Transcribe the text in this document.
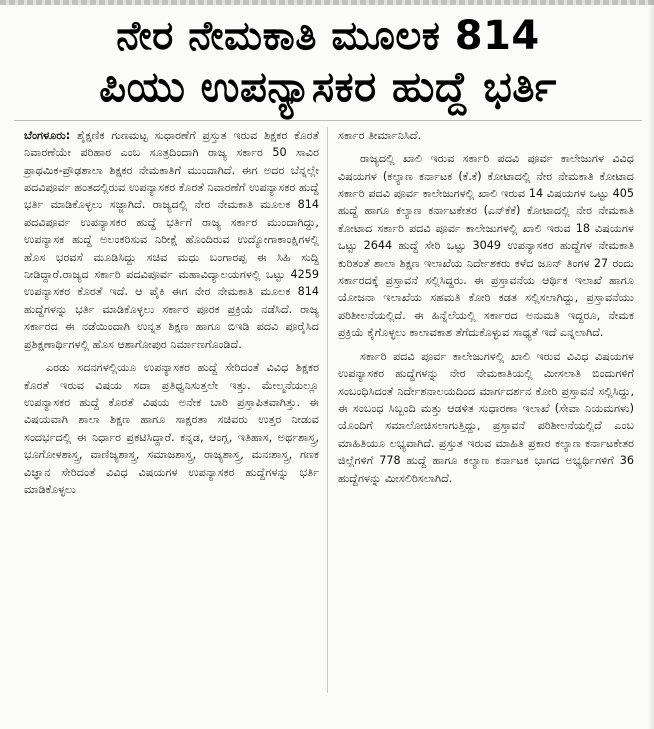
ನೇರ ನೇಮಕಾತಿ ಮೂಲಕ 814
ಪಿಯು ಉಪನ್ಯಾಸಕರ ಹುದ್ದೆ ಭರ್ತಿ

ಬೆಂಗಳೂರು: ಶೈಕ್ಷಣಿಕ ಗುಣಮಟ್ಟ ಸುಧಾರಣೆಗೆ ಪ್ರಸ್ತುತ ಇರುವ ಶಿಕ್ಷಕರ ಕೊರತೆ ನಿವಾರಣೆಯೇ ಪರಿಹಾರ ಎಂಬ ಸೂತ್ರದಿಂದಾಗಿ ರಾಜ್ಯ ಸರ್ಕಾರ 50 ಸಾವಿರ ಪ್ರಾಥಮಿಕ-ಪ್ರೌಢಶಾಲಾ ಶಿಕ್ಷಕರ ನೇಮಕಾತಿಗೆ ಮುಂದಾಗಿದೆ. ಈಗ ಅದರ ಬೆನ್ನಲ್ಲೇ ಪದವಿಪೂರ್ವ ಹಂತದಲ್ಲಿರುವ ಉಪನ್ಯಾಸಕರ ಕೊರತೆ ನಿವಾರಣೆಗೆ ಉಪನ್ಯಾಸಕರ ಹುದ್ದೆ ಭರ್ತಿ ಮಾಡಿಕೊಳ್ಳಲು ಸಜ್ಜಾಗಿದೆ. ರಾಜ್ಯದಲ್ಲಿ ನೇರ ನೇಮಕಾತಿ ಮೂಲಕ 814 ಪದವಿಪೂರ್ವ ಉಪನ್ಯಾಸಕರ ಹುದ್ದೆ ಭರ್ತಿಗೆ ರಾಜ್ಯ ಸರ್ಕಾರ ಮುಂದಾಗಿದ್ದು, ಉಪನ್ಯಾಸಕ ಹುದ್ದೆ ಅಲಂಕರಿಸುವ ನಿರೀಕ್ಷೆ ಹೊಂದಿರುವ ಉದ್ಯೋಗಾಕಾಂಕ್ಷಿಗಳಲ್ಲಿ ಹೊಸ ಭರವಸೆ ಮೂಡಿಸಿದ್ದು ಸಚಿವ ಮಧು ಬಂಗಾರಪ್ಪ ಈ ಸಿಹಿ ಸುದ್ದಿ ನೀಡಿದ್ದಾರೆ.ರಾಜ್ಯದ ಸರ್ಕಾರಿ ಪದವಿಪೂರ್ವ ಮಹಾವಿದ್ಯಾಲಯಗಳಲ್ಲಿ ಒಟ್ಟು 4259 ಉಪನ್ಯಾಸಕರ ಕೊರತೆ ಇದೆ. ಆ ಪೈಕಿ ಈಗ ನೇರ ನೇಮಕಾತಿ ಮೂಲಕ 814 ಹುದ್ದೆಗಳನ್ನು ಭರ್ತಿ ಮಾಡಿಕೊಳ್ಳಲು ಸರ್ಕಾರ ಪೂರಕ ಪ್ರಕ್ರಿಯೆ ನಡೆಸಿದೆ. ರಾಜ್ಯ ಸರ್ಕಾರದ ಈ ನಡೆಯಿಂದಾಗಿ ಉನ್ನತ ಶಿಕ್ಷಣ ಹಾಗೂ ಬಿಇಡಿ ಪದವಿ ಪೂರೈಸಿದ ಪ್ರಶಿಕ್ಷಣಾರ್ಥಿಗಳಲ್ಲಿ ಹೊಸ ಆಶಾಗೋಪುರ ನಿರ್ಮಾಣಗೊಂಡಿದೆ.

ಎರಡು ಸದನಗಳಲ್ಲಿಯೂ ಉಪನ್ಯಾಸಕರ ಹುದ್ದೆ ಸೇರಿದಂತೆ ವಿವಿಧ ಶಿಕ್ಷಕರ ಕೊರತೆ ಇರುವ ವಿಷಯ ಸದಾ ಪ್ರತಿಧ್ವನಿಸುತ್ತಲೇ ಇತ್ತು. ಮೇಲ್ಮನೆಯಲ್ಲೂ ಉಪನ್ಯಾಸಕರ ಹುದ್ದೆ ಕೊರತೆ ವಿಷಯ ಅನೇಕ ಬಾರಿ ಪ್ರಸ್ತಾಪಿತವಾಗಿತ್ತು. ಈ ವಿಷಯವಾಗಿ ಶಾಲಾ ಶಿಕ್ಷಣ ಹಾಗೂ ಸಾಕ್ಷರತಾ ಸಚಿವರು ಉತ್ತರ ನೀಡುವ ಸಂದರ್ಭದಲ್ಲಿ ಈ ನಿರ್ಧಾರ ಪ್ರಕಟಿಸಿದ್ದಾರೆ. ಕನ್ನಡ, ಆಂಗ್ಲ, ಇತಿಹಾಸ, ಅರ್ಥಶಾಸ್ತ್ರ, ಭೂಗೋಳಶಾಸ್ತ್ರ, ವಾಣಿಜ್ಯಶಾಸ್ತ್ರ, ಸಮಾಜಶಾಸ್ತ್ರ, ರಾಜ್ಯಶಾಸ್ತ್ರ, ಮನಃಶಾಸ್ತ್ರ, ಗಣಕ ವಿಜ್ಞಾನ ಸೇರಿದಂತೆ ವಿವಿಧ ವಿಷಯಗಳ ಉಪನ್ಯಾಸಕರ ಹುದ್ದೆಗಳನ್ನು ಭರ್ತಿ ಮಾಡಿಕೊಳ್ಳಲು

ಸರ್ಕಾರ ತೀರ್ಮಾನಿಸಿದೆ.

ರಾಜ್ಯದಲ್ಲಿ ಖಾಲಿ ಇರುವ ಸರ್ಕಾರಿ ಪದವಿ ಪೂರ್ವ ಕಾಲೇಜುಗಳ ವಿವಿಧ ವಿಷಯಗಳ (ಕಲ್ಯಾಣ ಕರ್ನಾಟಕ (ಕೆ.ಕೆ) ಕೋಟಾದಲ್ಲಿ ನೇರ ನೇಮಕಾತಿ ಕೋಟಾದ ಸರ್ಕಾರಿ ಪದವಿ ಪೂರ್ವ ಕಾಲೇಜುಗಳಲ್ಲಿ ಖಾಲಿ ಇರುವ 14 ವಿಷಯಗಳ ಒಟ್ಟು 405 ಹುದ್ದೆ ಹಾಗೂ ಕಲ್ಯಾಣ ಕರ್ನಾಟಕೇತರ (ಎನ್‌ಕೆಕೆ) ಕೋಟಾದಲ್ಲಿ ನೇರ ನೇಮಕಾತಿ ಕೋಟಾದ ಸರ್ಕಾರಿ ಪದವಿ ಪೂರ್ವ ಕಾಲೇಜುಗಳಲ್ಲಿ ಖಾಲಿ ಇರುವ 18 ವಿಷಯಗಳ ಒಟ್ಟು 2644 ಹುದ್ದೆ ಸೇರಿ ಒಟ್ಟು 3049 ಉಪನ್ಯಾಸಕರ ಹುದ್ದೆಗಳ ನೇಮಕಾತಿ ಕುರಿತಂತೆ ಶಾಲಾ ಶಿಕ್ಷಣ ಇಲಾಖೆಯ ನಿರ್ದೇಶಕರು ಕಳೆದ ಜೂನ್ ತಿಂಗಳ 27 ರಂದು ಸರ್ಕಾರದಕ್ಕೆ ಪ್ರಸ್ತಾವನೆ ಸಲ್ಲಿಸಿದ್ದರು. ಈ ಪ್ರಸ್ತಾವನೆಯ ಆರ್ಥಿಕ ಇಲಾಖೆ ಹಾಗೂ ಯೋಜನಾ ಇಲಾಖೆಯ ಸಹಮತಿ ಕೋರಿ ಕಡತ ಸಲ್ಲಿಸಲಾಗಿದ್ದು, ಪ್ರಸ್ತಾವನೆಯು ಪರಿಶೀಲನೆಯಲ್ಲಿದೆ. ಈ ಹಿನ್ನೆಲೆಯಲ್ಲಿ ಸರ್ಕಾರದ ಅನುಮತಿ ಇದ್ದರೂ, ನೇಮಕ ಪ್ರಕ್ರಿಯೆ ಕೈಗೊಳ್ಳಲು ಕಾಲಾವಕಾಶ ತೆಗೆದುಕೊಳ್ಳುವ ಸಾಧ್ಯತೆ ಇದೆ ಎನ್ನಲಾಗಿದೆ.

ಸರ್ಕಾರಿ ಪದವಿ ಪೂರ್ವ ಕಾಲೇಜುಗಳಲ್ಲಿ ಖಾಲಿ ಇರುವ ವಿವಿಧ ವಿಷಯಗಳ ಉಪನ್ಯಾಸಕರ ಹುದ್ದೆಗಳನ್ನು ನೇರ ನೇಮಕಾತಿಯಲ್ಲಿ ಮೀಸಲಾತಿ ಬಿಂದುಗಳಿಗೆ ಸಂಬಂಧಿಸಿದಂತೆ ನಿರ್ದೇಶನಾಲಯದಿಂದ ಮಾರ್ಗದರ್ಶನ ಕೋರಿ ಪ್ರಸ್ತಾವನೆ ಸಲ್ಲಿಸಿದ್ದು, ಈ ಸಂಬಂಧ ಸಿಬ್ಬಂದಿ ಮತ್ತು ಆಡಳಿತ ಸುಧಾರಣಾ ಇಲಾಖೆ (ಸೇವಾ ನಿಯಮಗಳು) ಯೊಂದಿಗೆ ಸಮಾಲೋಚಿಸಲಾಗುತ್ತಿದ್ದು, ಪ್ರಸ್ತಾವನೆ ಪರಿಶೀಲನೆಯಲ್ಲಿದೆ ಎಂಬ ಮಾಹಿತಿಯೂ ಲಭ್ಯವಾಗಿದೆ. ಪ್ರಸ್ತುತ ಇರುವ ಮಾಹಿತಿ ಪ್ರಕಾರ ಕಲ್ಯಾಣ ಕರ್ನಾಟಕೇತರ ಜಿಲ್ಲೆಗಳಿಗೆ 778 ಹುದ್ದೆ ಹಾಗೂ ಕಲ್ಯಾಣ ಕರ್ನಾಟಕ ಭಾಗದ ಅಭ್ಯರ್ಥಿಗಳಿಗೆ 36 ಹುದ್ದೆಗಳನ್ನು ಮೀಸಲಿರಿಸಲಾಗಿದೆ.
